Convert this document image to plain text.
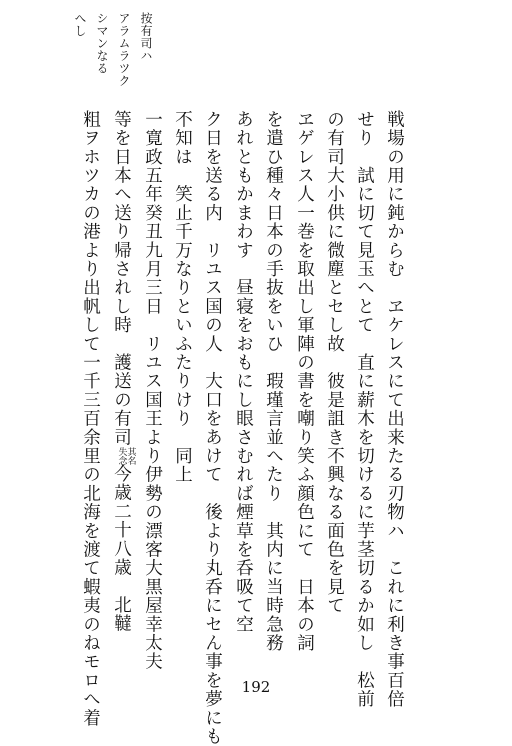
按有司ハ
アラムラツク
シマンなる
へし
戦場の用に鈍からむ　ヱケレスにて出来たる刃物ハ　これに利き事百倍
せり　試に切て見玉へとて　直に薪木を切けるに芋茎切るか如し　松前
の有司大小供に微塵とセし故　彼是詛き不興なる面色を見て
ヱゲレス人一巻を取出し軍陣の書を嘲り笑ふ顔色にて　日本の詞
を遣ひ種々日本の手抜をいひ　瑕瑾言並へたり　其内に当時急務
あれともかまわす　昼寝をおもにし眼さむれば煙草を呑吸て空
ク日を送る内　リユス国の人　大口をあけて　後より丸呑にセん事を夢にも
不知は　笑止千万なりといふたりけり　同上
一寛政五年癸丑九月三日　リユス国王より伊勢の漂客大黒屋幸太夫
等を日本へ送り帰されし時　護送の有司其名
失念今歳二十八歳　北韃
粗ヲホツカの港より出帆して一千三百余里の北海を渡て蝦夷のねモロへ着	192
